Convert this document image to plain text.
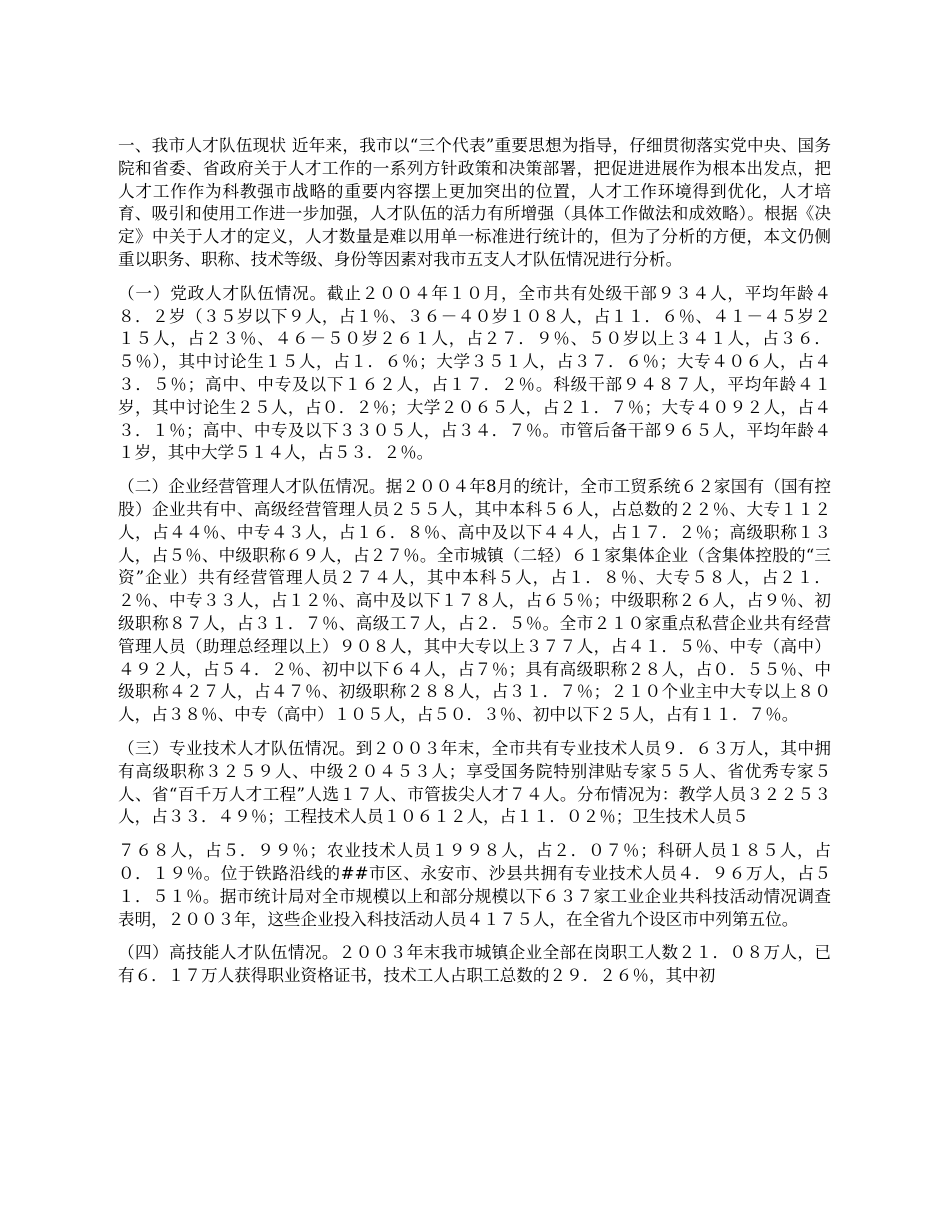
一、我市人才队伍现状 近年来，我市以“三个代表”重要思想为指导，仔细贯彻落实党中央、国务院和省委、省政府关于人才工作的一系列方针政策和决策部署，把促进进展作为根本出发点，把人才工作作为科教强市战略的重要内容摆上更加突出的位置，人才工作环境得到优化，人才培育、吸引和使用工作进一步加强，人才队伍的活力有所增强（具体工作做法和成效略）。根据《决定》中关于人才的定义，人才数量是难以用单一标准进行统计的，但为了分析的方便，本文仍侧重以职务、职称、技术等级、身份等因素对我市五支人才队伍情况进行分析。

（一）党政人才队伍情况。截止２００４年１０月，全市共有处级干部９３４人，平均年龄４８．２岁（３５岁以下９人，占１％、３６－４０岁１０８人，占１１．６％、４１－４５岁２１５人，占２３％、４６－５０岁２６１人，占２７．９％、５０岁以上３４１人，占３６．５％），其中讨论生１５人，占１．６％；大学３５１人，占３７．６％；大专４０６人，占４３．５％；高中、中专及以下１６２人，占１７．２％。科级干部９４８７人，平均年龄４１岁，其中讨论生２５人，占０．２％；大学２０６５人，占２１．７％；大专４０９２人，占４３．１％；高中、中专及以下３３０５人，占３４．７％。市管后备干部９６５人，平均年龄４１岁，其中大学５１４人，占５３．２％。

（二）企业经营管理人才队伍情况。据２００４年8月的统计，全市工贸系统６２家国有（国有控股）企业共有中、高级经营管理人员２５５人，其中本科５６人，占总数的２２％、大专１１２人，占４４％、中专４３人，占１６．８％、高中及以下４４人，占１７．２％；高级职称１３人，占５％、中级职称６９人，占２７％。全市城镇（二轻）６１家集体企业（含集体控股的“三资”企业）共有经营管理人员２７４人，其中本科５人，占１．８％、大专５８人，占２１．２％、中专３３人，占１２％、高中及以下１７８人，占６５％；中级职称２６人，占９％、初级职称８７人，占３１．７％、高级工７人，占２．５％。全市２１０家重点私营企业共有经营管理人员（助理总经理以上）９０８人，其中大专以上３７７人，占４１．５％、中专（高中）４９２人，占５４．２％、初中以下６４人，占７％；具有高级职称２８人，占０．５５％、中级职称４２７人，占４７％、初级职称２８８人，占３１．７％；２１０个业主中大专以上８０人，占３８％、中专（高中）１０５人，占５０．３％、初中以下２５人，占有１１．７％。

（三）专业技术人才队伍情况。到２００３年末，全市共有专业技术人员９．６３万人，其中拥有高级职称３２５９人、中级２０４５３人；享受国务院特别津贴专家５５人、省优秀专家５人、省“百千万人才工程”人选１７人、市管拔尖人才７４人。分布情况为：教学人员３２２５３人，占３３．４９％；工程技术人员１０６１２人，占１１．０２％；卫生技术人员５

７６８人，占５．９９％；农业技术人员１９９８人，占２．０７％；科研人员１８５人，占０．１９％。位于铁路沿线的##市区、永安市、沙县共拥有专业技术人员４．９６万人，占５１．５１％。据市统计局对全市规模以上和部分规模以下６３７家工业企业共科技活动情况调查表明，２００３年，这些企业投入科技活动人员４１７５人，在全省九个设区市中列第五位。

（四）高技能人才队伍情况。２００３年末我市城镇企业全部在岗职工人数２１．０８万人，已有６．１７万人获得职业资格证书，技术工人占职工总数的２９．２６％，其中初
